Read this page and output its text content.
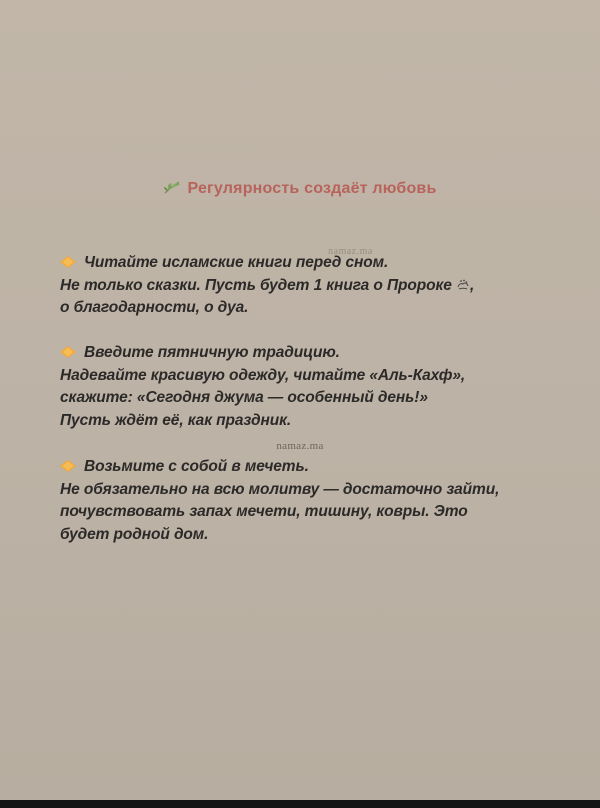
Регулярность создаёт любовь
namaz.ma
Читайте исламские книги перед сном.
Не только сказки. Пусть будет 1 книга о Пророке ,
о благодарности, о дуа.
Введите пятничную традицию.
Надевайте красивую одежду, читайте «Аль-Кахф»,
скажите: «Сегодня джума — особенный день!»
Пусть ждёт её, как праздник.
namaz.ma
Возьмите с собой в мечеть.
Не обязательно на всю молитву — достаточно зайти,
почувствовать запах мечети, тишину, ковры. Это
будет родной дом.
